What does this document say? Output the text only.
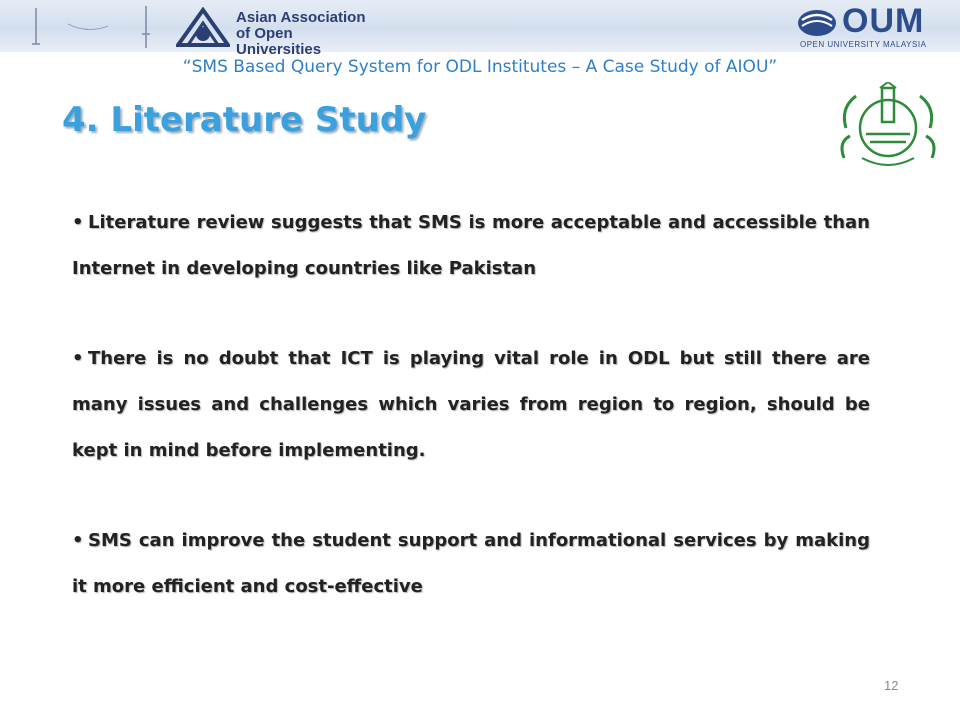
Asian Association of Open Universities
OUM
OPEN UNIVERSITY MALAYSIA
“SMS Based Query System for ODL Institutes – A Case Study of AIOU”
4. Literature Study

• Literature review suggests that SMS is more acceptable and accessible than Internet in developing countries like Pakistan

• There is no doubt that ICT is playing vital role in ODL but still there are many issues and challenges which varies from region to region, should be kept in mind before implementing.

• SMS can improve the student support and informational services by making it more efficient and cost-effective

12
